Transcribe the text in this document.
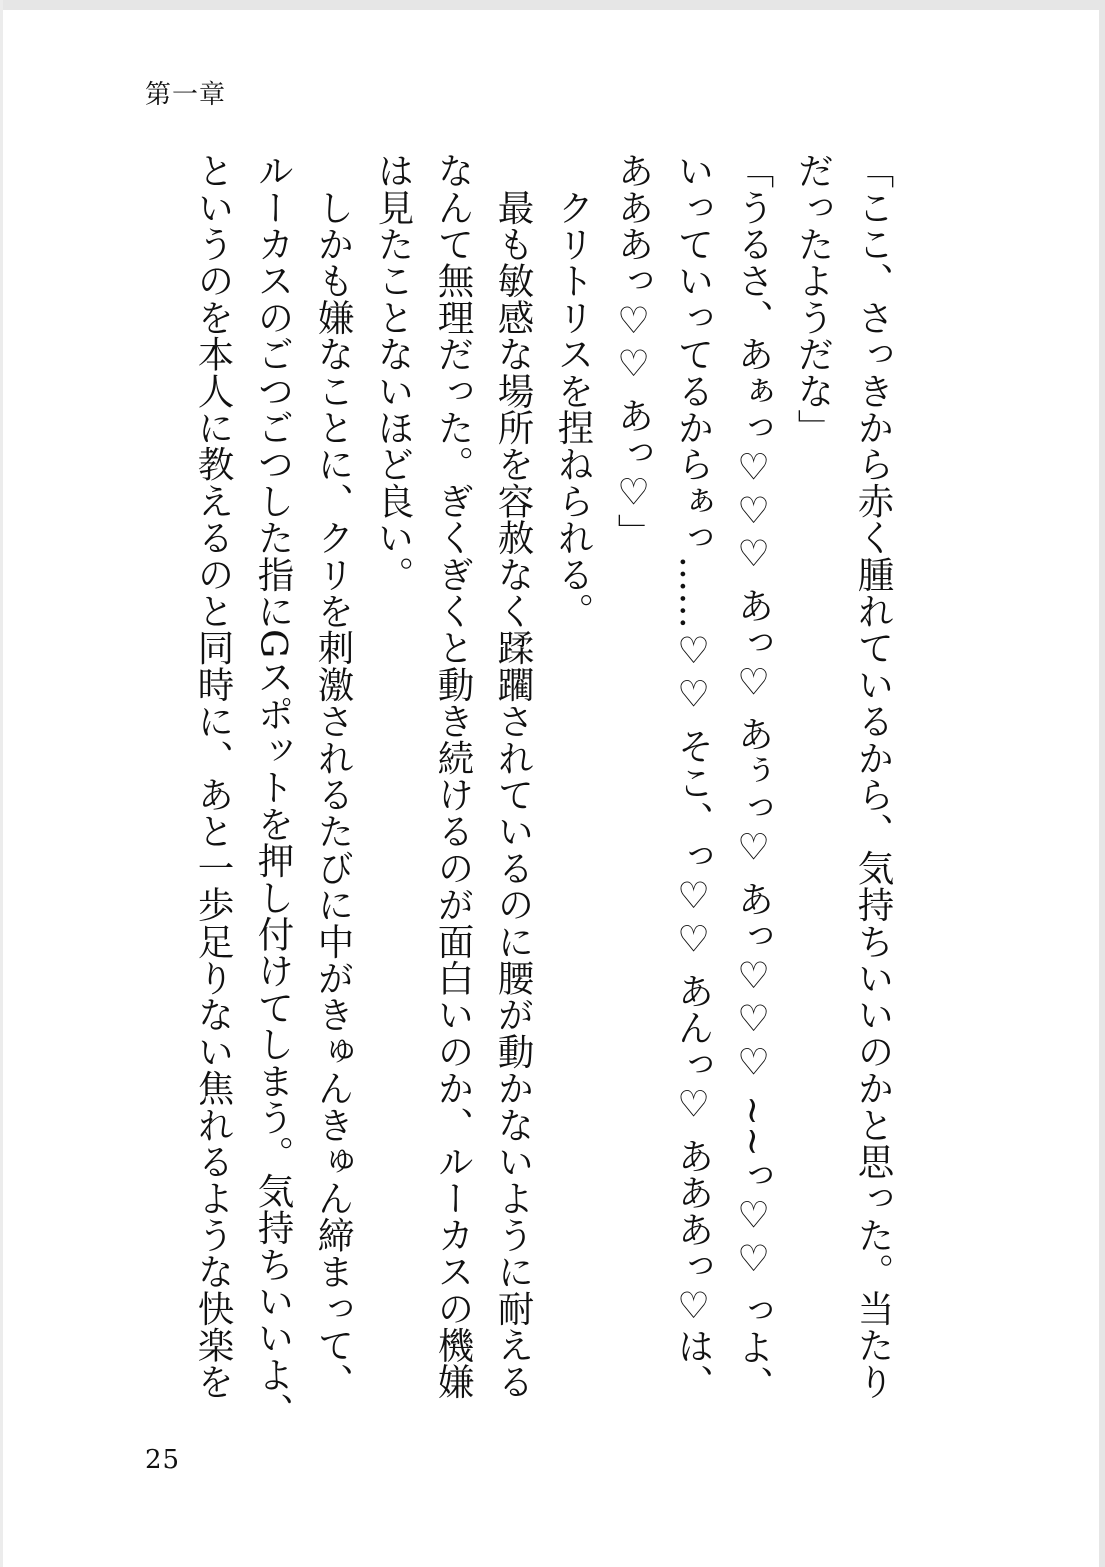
第一章

「ここ、さっきから赤く腫れているから、気持ちいいのかと思った。当たりだったようだな」

「うるさ、あぁっ♡♡♡ あっ♡ あぅっ♡ あっ♡♡♡ ~~っ♡♡ っよ、いっていってるからぁっ……♡♡ そこ、っ♡♡ あんっ♡ あああっ♡は、あああっ♡♡ あっ♡」

　クリトリスを捏ねられる。

　最も敏感な場所を容赦なく蹂躙されているのに腰が動かないように耐えるなんて無理だった。ぎくぎくと動き続けるのが面白いのか、ルーカスの機嫌は見たことないほど良い。

　しかも嫌なことに、クリを刺激されるたびに中がきゅんきゅん締まって、ルーカスのごつごつした指にGスポットを押し付けてしまう。気持ちいいよ、というのを本人に教えるのと同時に、あと一歩足りない焦れるような快楽を

25
